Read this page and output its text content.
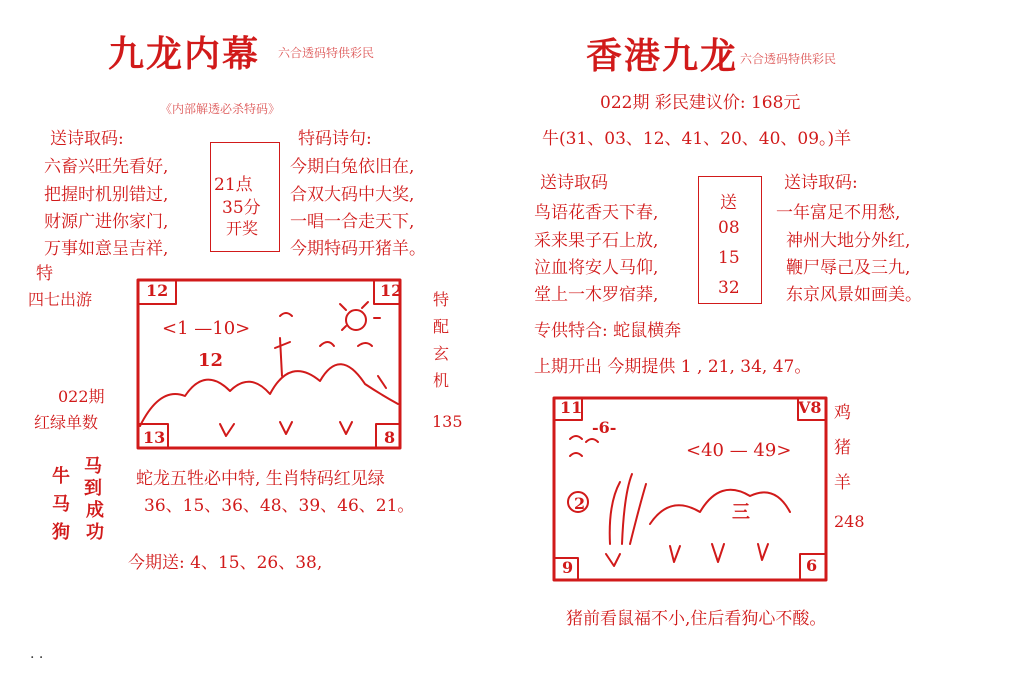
九龙内幕 六合透码特供彩民
《内部解透必杀特码》
送诗取码:	特码诗句:
六畜兴旺先看好,
把握时机别错过,
财源广进你家门,
万事如意呈吉祥,
特
21点
35分
开奖
今期白兔依旧在,
合双大码中大奖,
一唱一合走天下,
今期特码开猪羊。
四七出游
022期
红绿单数
特配玄机
135
12	12
13	8
<1 —10>
12
牛
马
狗
马到
成功
蛇龙五牲必中特, 生肖特码红见绿
36、15、36、48、39、46、21。
今期送: 4、15、26、38,
香港九龙 六合透码特供彩民
022期 彩民建议价: 168元
牛(31、03、12、41、20、40、09。)羊
送诗取码	送诗取码:
鸟语花香天下春,
采来果子石上放,
泣血将安人马仰,
堂上一木罗宿莽,
送
08
15
32
一年富足不用愁,
神州大地分外红,
鞭尸辱己及三九,
东京风景如画美。
专供特合: 蛇鼠横奔
上期开出 今期提供 1 , 21, 34, 47。
11	V8
9	6
<40 — 49>
2	三
-6-
鸡
猪
羊
248
猪前看鼠福不小,住后看狗心不酸。
. .
